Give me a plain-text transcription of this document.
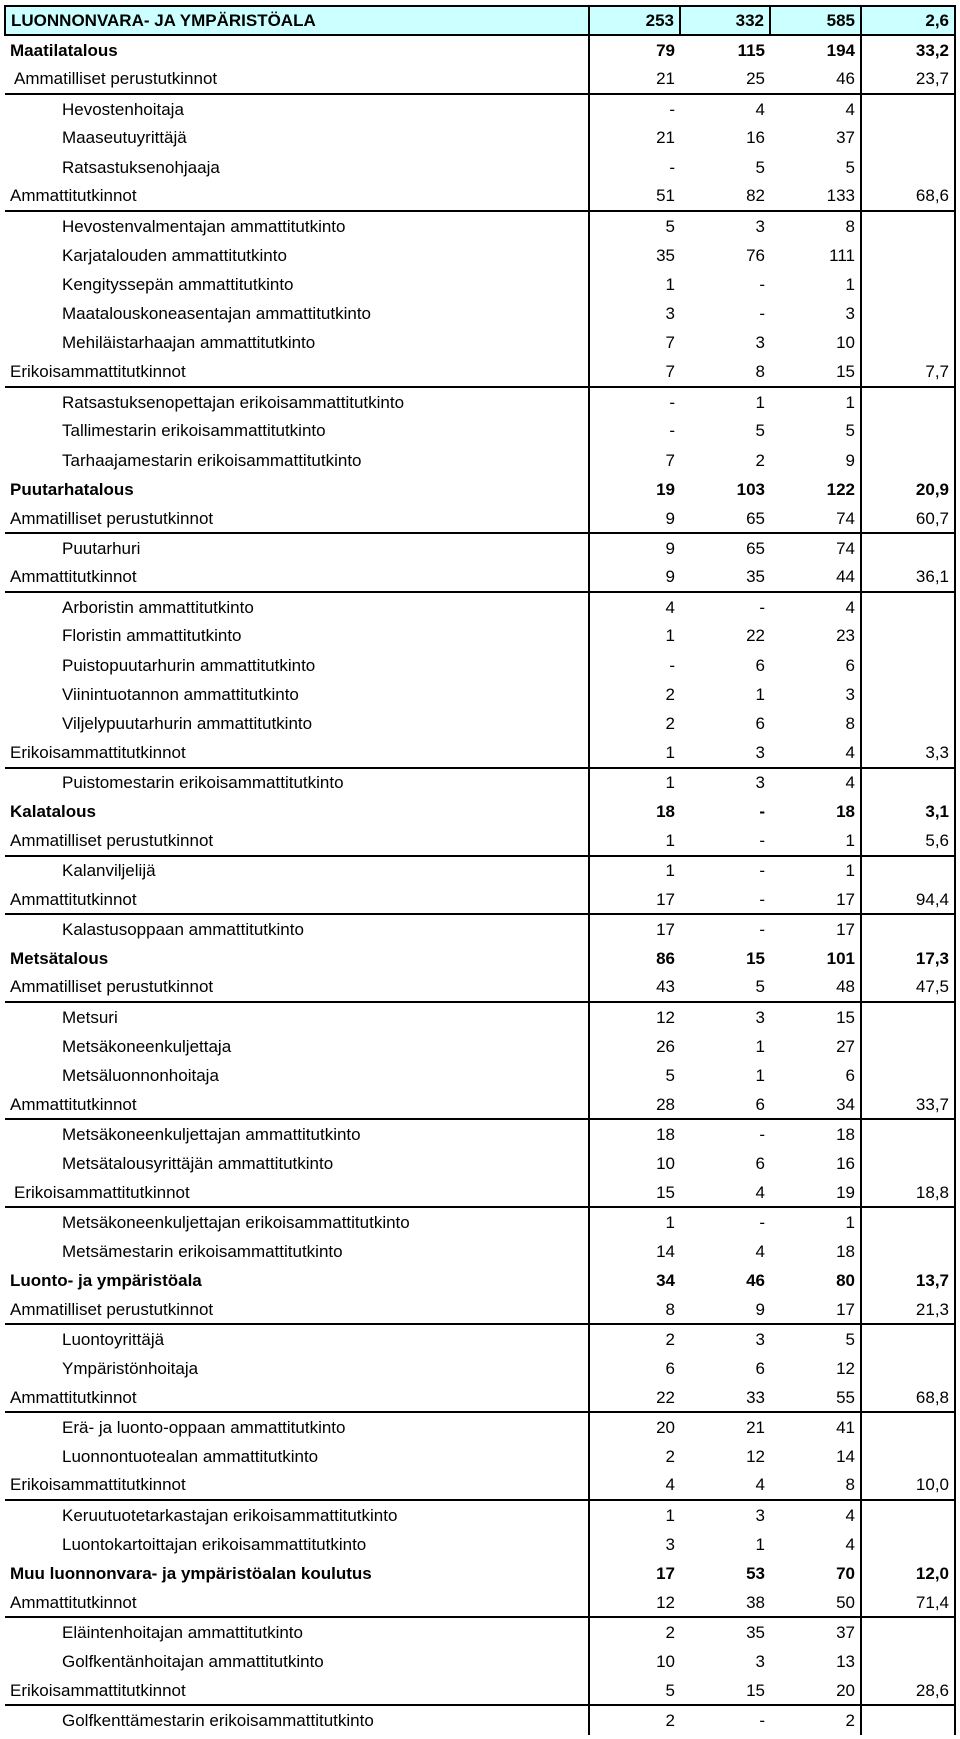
LUONNONVARA- JA YMPÄRISTÖALA	253	332	585	2,6
Maatilatalous	79	115	194	33,2
Ammatilliset perustutkinnot	21	25	46	23,7
Hevostenhoitaja	-	4	4	
Maaseutuyrittäjä	21	16	37	
Ratsastuksenohjaaja	-	5	5	
Ammattitutkinnot	51	82	133	68,6
Hevostenvalmentajan ammattitutkinto	5	3	8	
Karjatalouden ammattitutkinto	35	76	111	
Kengityssepän ammattitutkinto	1	-	1	
Maatalouskoneasentajan ammattitutkinto	3	-	3	
Mehiläistarhaajan ammattitutkinto	7	3	10	
Erikoisammattitutkinnot	7	8	15	7,7
Ratsastuksenopettajan erikoisammattitutkinto	-	1	1	
Tallimestarin erikoisammattitutkinto	-	5	5	
Tarhaajamestarin erikoisammattitutkinto	7	2	9	
Puutarhatalous	19	103	122	20,9
Ammatilliset perustutkinnot	9	65	74	60,7
Puutarhuri	9	65	74	
Ammattitutkinnot	9	35	44	36,1
Arboristin ammattitutkinto	4	-	4	
Floristin ammattitutkinto	1	22	23	
Puistopuutarhurin ammattitutkinto	-	6	6	
Viinintuotannon ammattitutkinto	2	1	3	
Viljelypuutarhurin ammattitutkinto	2	6	8	
Erikoisammattitutkinnot	1	3	4	3,3
Puistomestarin erikoisammattitutkinto	1	3	4	
Kalatalous	18	-	18	3,1
Ammatilliset perustutkinnot	1	-	1	5,6
Kalanviljelijä	1	-	1	
Ammattitutkinnot	17	-	17	94,4
Kalastusoppaan ammattitutkinto	17	-	17	
Metsätalous	86	15	101	17,3
Ammatilliset perustutkinnot	43	5	48	47,5
Metsuri	12	3	15	
Metsäkoneenkuljettaja	26	1	27	
Metsäluonnonhoitaja	5	1	6	
Ammattitutkinnot	28	6	34	33,7
Metsäkoneenkuljettajan ammattitutkinto	18	-	18	
Metsätalousyrittäjän ammattitutkinto	10	6	16	
Erikoisammattitutkinnot	15	4	19	18,8
Metsäkoneenkuljettajan erikoisammattitutkinto	1	-	1	
Metsämestarin erikoisammattitutkinto	14	4	18	
Luonto- ja ympäristöala	34	46	80	13,7
Ammatilliset perustutkinnot	8	9	17	21,3
Luontoyrittäjä	2	3	5	
Ympäristönhoitaja	6	6	12	
Ammattitutkinnot	22	33	55	68,8
Erä- ja luonto-oppaan ammattitutkinto	20	21	41	
Luonnontuotealan ammattitutkinto	2	12	14	
Erikoisammattitutkinnot	4	4	8	10,0
Keruutuotetarkastajan erikoisammattitutkinto	1	3	4	
Luontokartoittajan erikoisammattitutkinto	3	1	4	
Muu luonnonvara- ja ympäristöalan koulutus	17	53	70	12,0
Ammattitutkinnot	12	38	50	71,4
Eläintenhoitajan ammattitutkinto	2	35	37	
Golfkentänhoitajan ammattitutkinto	10	3	13	
Erikoisammattitutkinnot	5	15	20	28,6
Golfkenttämestarin erikoisammattitutkinto	2	-	2	
